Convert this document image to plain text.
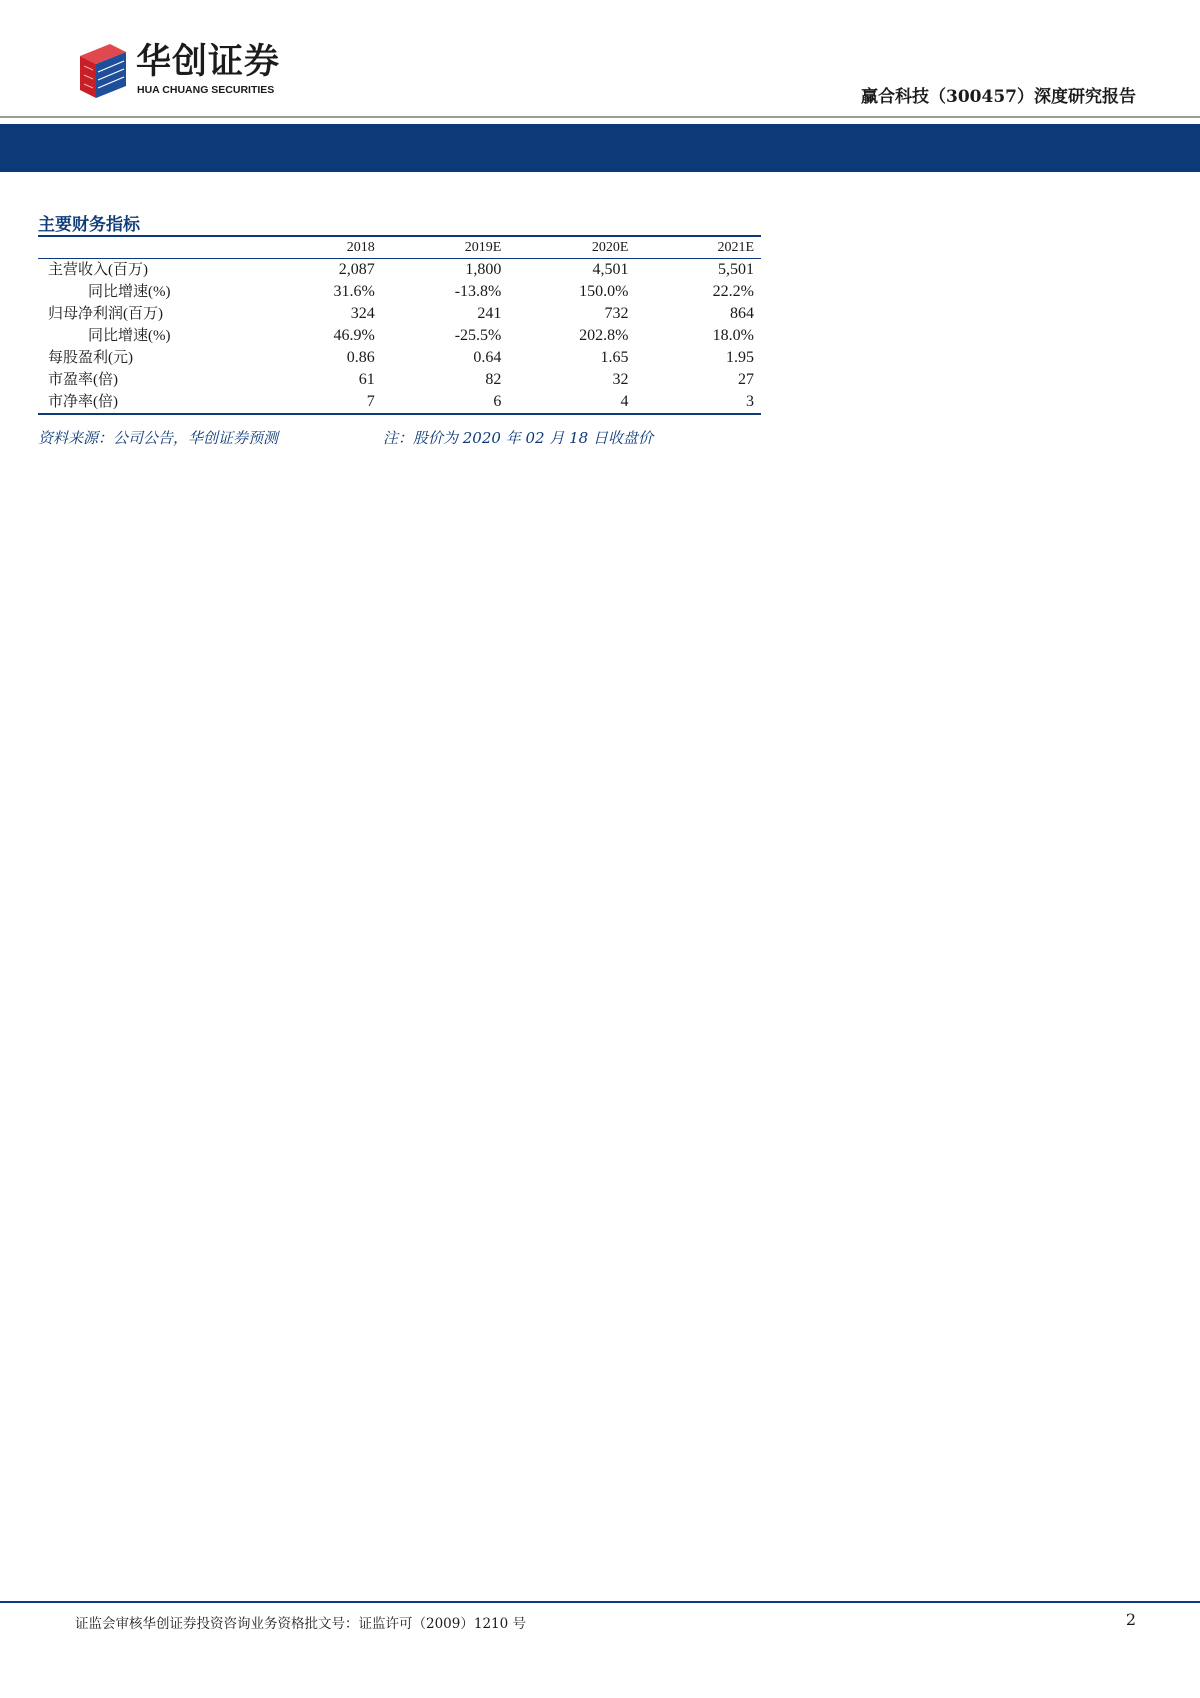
华创证券
HUA CHUANG SECURITIES	赢合科技（300457）深度研究报告
主要财务指标
	2018	2019E	2020E	2021E
主营收入(百万)	2,087	1,800	4,501	5,501
同比增速(%)	31.6%	-13.8%	150.0%	22.2%
归母净利润(百万)	324	241	732	864
同比增速(%)	46.9%	-25.5%	202.8%	18.0%
每股盈利(元)	0.86	0.64	1.65	1.95
市盈率(倍)	61	82	32	27
市净率(倍)	7	6	4	3
资料来源：公司公告，华创证券预测	注：股价为 2020 年 02 月 18 日收盘价
证监会审核华创证券投资咨询业务资格批文号：证监许可（2009）1210 号	2
